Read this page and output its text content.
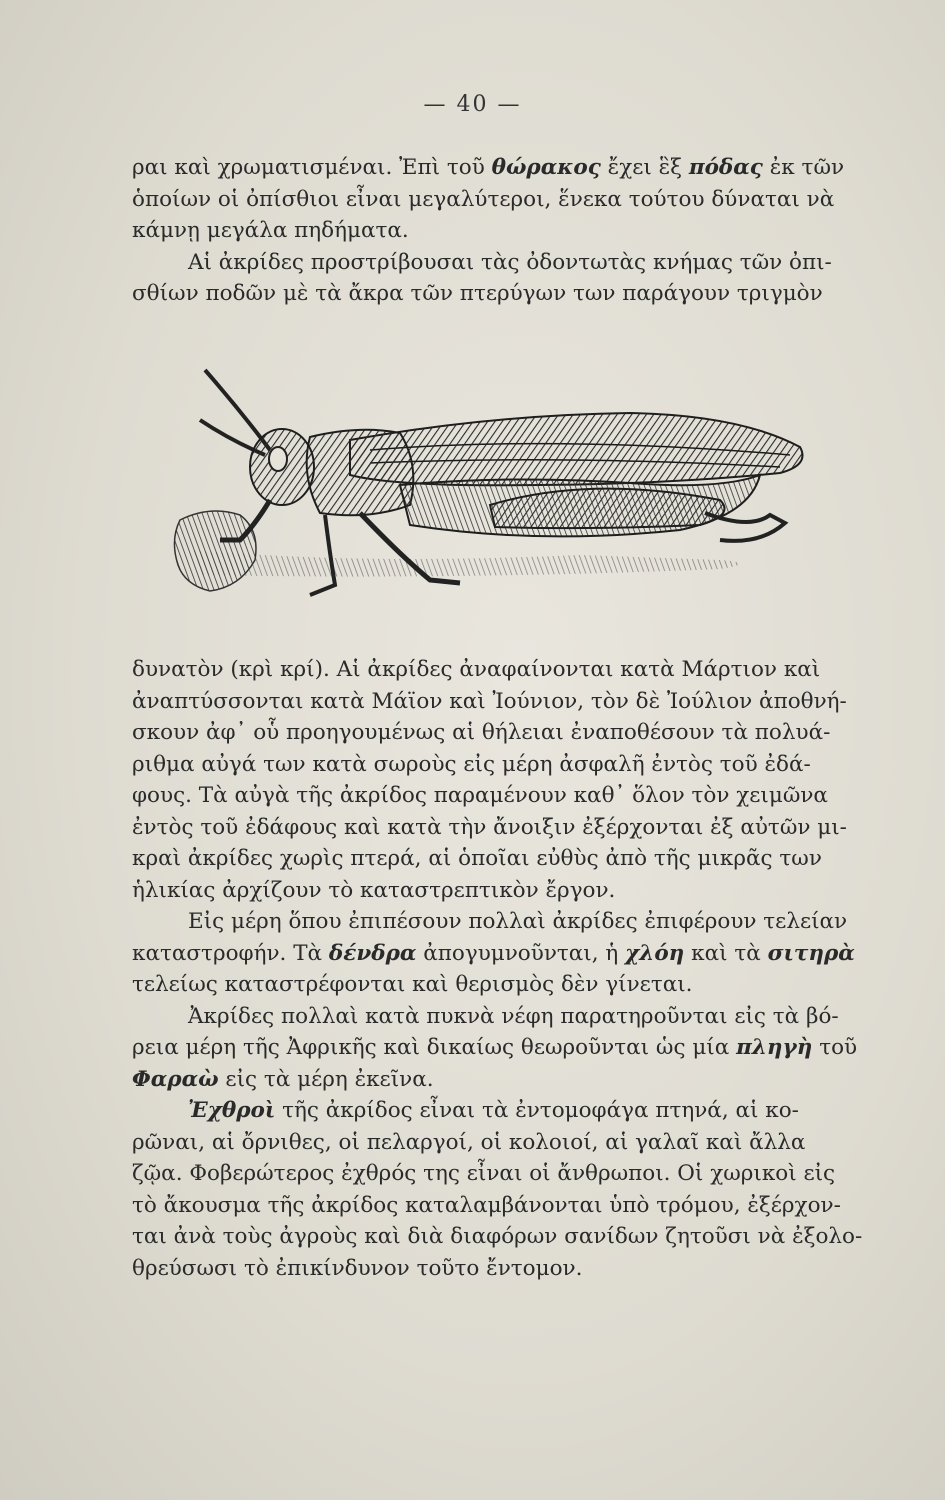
— 40 —
ραι καὶ χρωματισμέναι. Ἐπὶ τοῦ θώρακος ἔχει ἓξ πόδας ἐκ τῶν
ὁποίων οἱ ὀπίσθιοι εἶναι μεγαλύτεροι, ἕνεκα τούτου δύναται νὰ
κάμνῃ μεγάλα πηδήματα.
Αἱ ἀκρίδες προστρίβουσαι τὰς ὀδοντωτὰς κνήμας τῶν ὀπι-
σθίων ποδῶν μὲ τὰ ἄκρα τῶν πτερύγων των παράγουν τριγμὸν
δυνατὸν (κρὶ κρί). Αἱ ἀκρίδες ἀναφαίνονται κατὰ Μάρτιον καὶ
ἀναπτύσσονται κατὰ Μάϊον καὶ Ἰούνιον, τὸν δὲ Ἰούλιον ἀποθνή-
σκουν ἀφ᾽ οὗ προηγουμένως αἱ θήλειαι ἐναποθέσουν τὰ πολυά-
ριθμα αὐγά των κατὰ σωροὺς εἰς μέρη ἀσφαλῆ ἐντὸς τοῦ ἐδά-
φους. Τὰ αὐγὰ τῆς ἀκρίδος παραμένουν καθ᾽ ὅλον τὸν χειμῶνα
ἐντὸς τοῦ ἐδάφους καὶ κατὰ τὴν ἄνοιξιν ἐξέρχονται ἐξ αὐτῶν μι-
κραὶ ἀκρίδες χωρὶς πτερά, αἱ ὁποῖαι εὐθὺς ἀπὸ τῆς μικρᾶς των
ἡλικίας ἀρχίζουν τὸ καταστρεπτικὸν ἔργον.
Εἰς μέρη ὅπου ἐπιπέσουν πολλαὶ ἀκρίδες ἐπιφέρουν τελείαν
καταστροφήν. Τὰ δένδρα ἀπογυμνοῦνται, ἡ χλόη καὶ τὰ σιτηρὰ
τελείως καταστρέφονται καὶ θερισμὸς δὲν γίνεται.
Ἀκρίδες πολλαὶ κατὰ πυκνὰ νέφη παρατηροῦνται εἰς τὰ βό-
ρεια μέρη τῆς Ἀφρικῆς καὶ δικαίως θεωροῦνται ὡς μία πληγὴ τοῦ
Φαραὼ εἰς τὰ μέρη ἐκεῖνα.
Ἐχθροὶ τῆς ἀκρίδος εἶναι τὰ ἐντομοφάγα πτηνά, αἱ κο-
ρῶναι, αἱ ὄρνιθες, οἱ πελαργοί, οἱ κολοιοί, αἱ γαλαῖ καὶ ἄλλα
ζῷα. Φοβερώτερος ἐχθρός της εἶναι οἱ ἄνθρωποι. Οἱ χωρικοὶ εἰς
τὸ ἄκουσμα τῆς ἀκρίδος καταλαμβάνονται ὑπὸ τρόμου, ἐξέρχον-
ται ἀνὰ τοὺς ἀγροὺς καὶ διὰ διαφόρων σανίδων ζητοῦσι νὰ ἐξολο-
θρεύσωσι τὸ ἐπικίνδυνον τοῦτο ἔντομον.
